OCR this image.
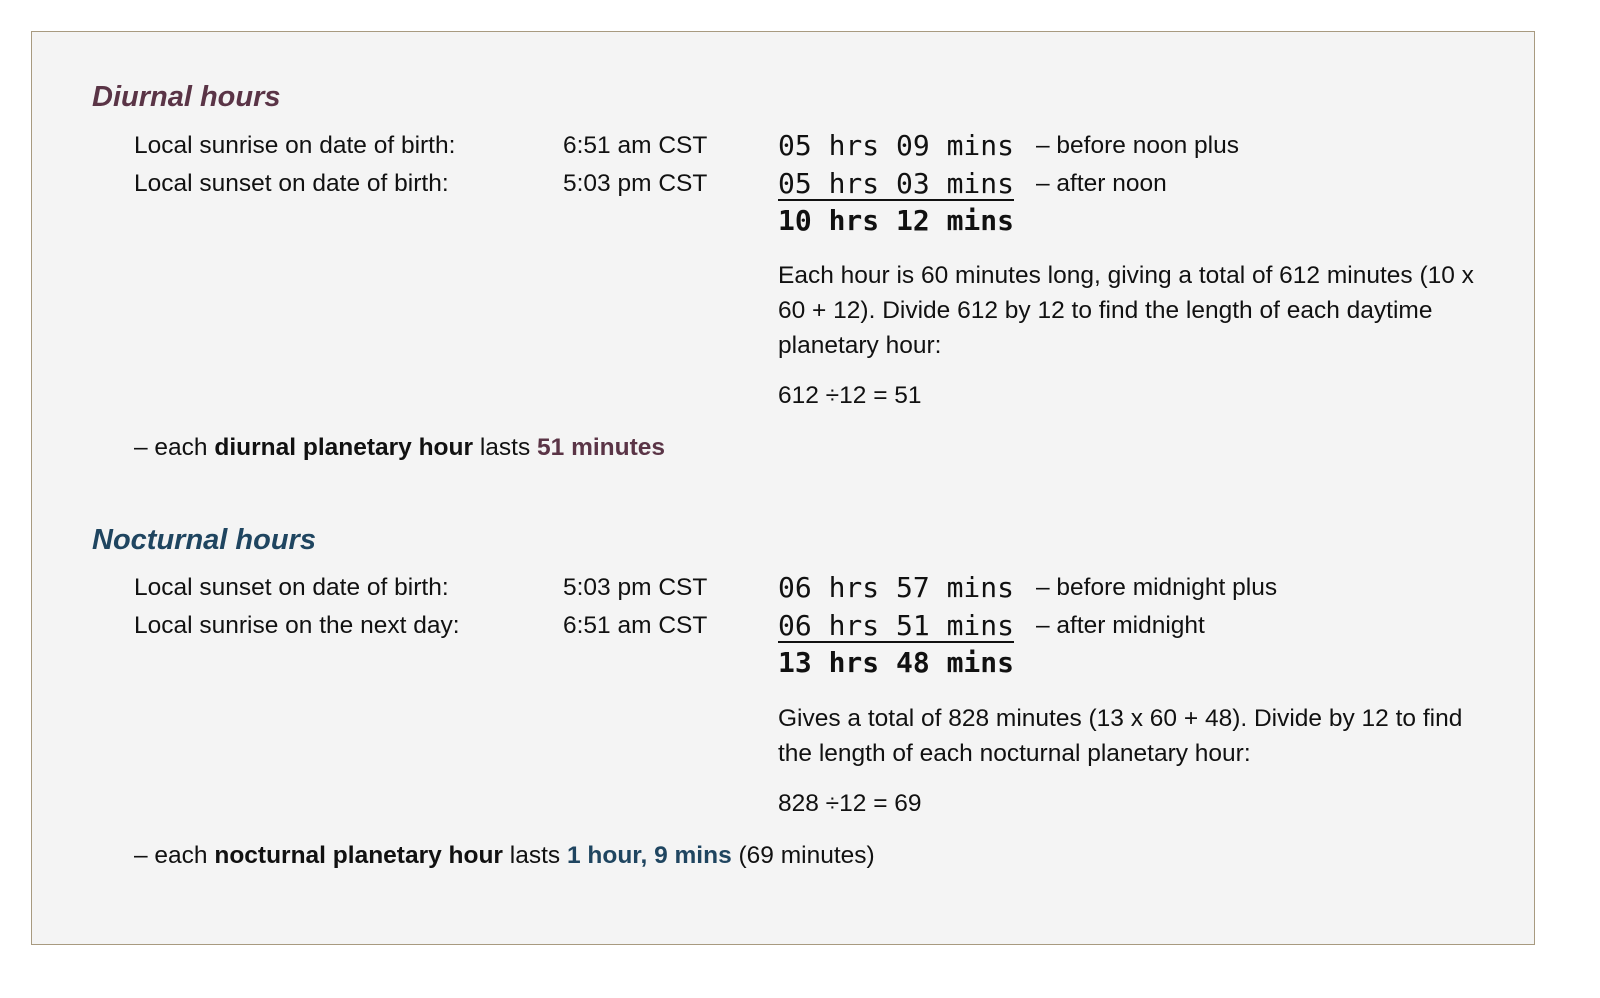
Diurnal hours
Local sunrise on date of birth:	6:51 am CST	05 hrs 09 mins – before noon plus
Local sunset on date of birth:	5:03 pm CST	05 hrs 03 mins – after noon
10 hrs 12 mins
Each hour is 60 minutes long, giving a total of 612 minutes (10 x 60 + 12). Divide 612 by 12 to find the length of each daytime planetary hour:
612 ÷12 = 51
– each diurnal planetary hour lasts 51 minutes
Nocturnal hours
Local sunset on date of birth:	5:03 pm CST	06 hrs 57 mins – before midnight plus
Local sunrise on the next day:	6:51 am CST	06 hrs 51 mins – after midnight
13 hrs 48 mins
Gives a total of 828 minutes (13 x 60 + 48). Divide by 12 to find the length of each nocturnal planetary hour:
828 ÷12 = 69
– each nocturnal planetary hour lasts 1 hour, 9 mins (69 minutes)
